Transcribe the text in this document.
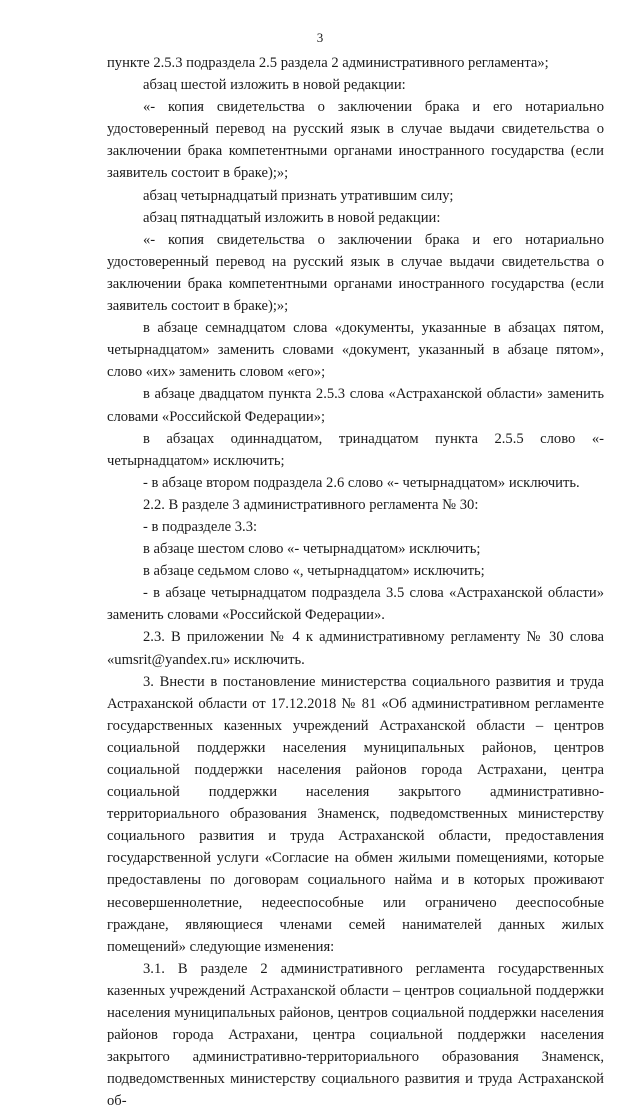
3

пункте 2.5.3 подраздела 2.5 раздела 2 административного регламента»;

абзац шестой изложить в новой редакции:

«- копия свидетельства о заключении брака и его нотариально удостоверенный перевод на русский язык в случае выдачи свидетельства о заключении брака компетентными органами иностранного государства (если заявитель состоит в браке);»;

абзац четырнадцатый признать утратившим силу;

абзац пятнадцатый изложить в новой редакции:

«- копия свидетельства о заключении брака и его нотариально удостоверенный перевод на русский язык в случае выдачи свидетельства о заключении брака компетентными органами иностранного государства (если заявитель состоит в браке);»;

в абзаце семнадцатом слова «документы, указанные в абзацах пятом, четырнадцатом» заменить словами «документ, указанный в абзаце пятом», слово «их» заменить словом «его»;

в абзаце двадцатом пункта 2.5.3 слова «Астраханской области» заменить словами «Российской Федерации»;

в абзацах одиннадцатом, тринадцатом пункта 2.5.5 слово «- четырнадцатом» исключить;

- в абзаце втором подраздела 2.6 слово «- четырнадцатом» исключить.

2.2. В разделе 3 административного регламента № 30:

- в подразделе 3.3:

в абзаце шестом слово «- четырнадцатом» исключить;

в абзаце седьмом слово «, четырнадцатом» исключить;

- в абзаце четырнадцатом подраздела 3.5 слова «Астраханской области» заменить словами «Российской Федерации».

2.3. В приложении № 4 к административному регламенту № 30 слова «umsrit@yandex.ru» исключить.

3. Внести в постановление министерства социального развития и труда Астраханской области от 17.12.2018 № 81 «Об административном регламенте государственных казенных учреждений Астраханской области – центров социальной поддержки населения муниципальных районов, центров социальной поддержки населения районов города Астрахани, центра социальной поддержки населения закрытого административно-территориального образования Знаменск, подведомственных министерству социального развития и труда Астраханской области, предоставления государственной услуги «Согласие на обмен жилыми помещениями, которые предоставлены по договорам социального найма и в которых проживают несовершеннолетние, недееспособные или ограничено дееспособные граждане, являющиеся членами семей нанимателей данных жилых помещений» следующие изменения:

3.1. В разделе 2 административного регламента государственных казенных учреждений Астраханской области – центров социальной поддержки населения муниципальных районов, центров социальной поддержки населения районов города Астрахани, центра социальной поддержки населения закрытого административно-территориального образования Знаменск, подведомственных министерству социального развития и труда Астраханской об-
